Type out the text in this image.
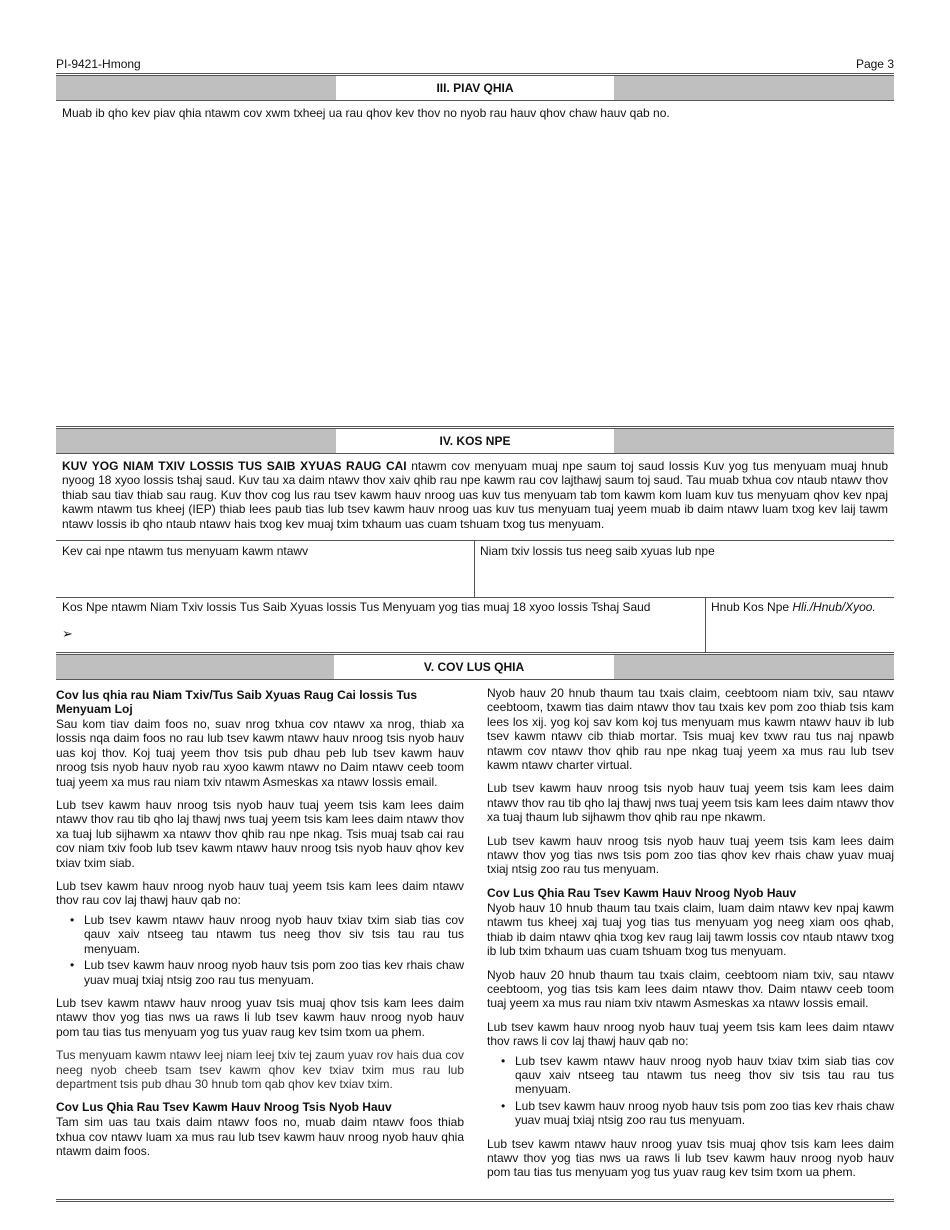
PI-9421-Hmong	Page 3
III. PIAV QHIA
Muab ib qho kev piav qhia ntawm cov xwm txheej ua rau qhov kev thov no nyob rau hauv qhov chaw hauv qab no.
IV. KOS NPE
KUV YOG NIAM TXIV LOSSIS TUS SAIB XYUAS RAUG CAI ntawm cov menyuam muaj npe saum toj saud lossis Kuv yog tus menyuam muaj hnub nyoog 18 xyoo lossis tshaj saud. Kuv tau xa daim ntawv thov xaiv qhib rau npe kawm rau cov lajthawj saum toj saud. Tau muab txhua cov ntaub ntawv thov thiab sau tiav thiab sau raug. Kuv thov cog lus rau tsev kawm hauv nroog uas kuv tus menyuam tab tom kawm kom luam kuv tus menyuam qhov kev npaj kawm ntawm tus kheej (IEP) thiab lees paub tias lub tsev kawm hauv nroog uas kuv tus menyuam tuaj yeem muab ib daim ntawv luam txog kev laij tawm ntawv lossis ib qho ntaub ntawv hais txog kev muaj txim txhaum uas cuam tshuam txog tus menyuam.
Kev cai npe ntawm tus menyuam kawm ntawv	Niam txiv lossis tus neeg saib xyuas lub npe
Kos Npe ntawm Niam Txiv lossis Tus Saib Xyuas lossis Tus Menyuam yog tias muaj 18 xyoo lossis Tshaj Saud
➢
Hnub Kos Npe Hli./Hnub/Xyoo.
V. COV LUS QHIA
Cov lus qhia rau Niam Txiv/Tus Saib Xyuas Raug Cai lossis Tus Menyuam Loj

Sau kom tiav daim foos no, suav nrog txhua cov ntawv xa nrog, thiab xa lossis nqa daim foos no rau lub tsev kawm ntawv hauv nroog tsis nyob hauv uas koj thov. Koj tuaj yeem thov tsis pub dhau peb lub tsev kawm hauv nroog tsis nyob hauv nyob rau xyoo kawm ntawv no Daim ntawv ceeb toom tuaj yeem xa mus rau niam txiv ntawm Asmeskas xa ntawv lossis email.

Lub tsev kawm hauv nroog tsis nyob hauv tuaj yeem tsis kam lees daim ntawv thov rau tib qho laj thawj nws tuaj yeem tsis kam lees daim ntawv thov xa tuaj lub sijhawm xa ntawv thov qhib rau npe nkag. Tsis muaj tsab cai rau cov niam txiv foob lub tsev kawm ntawv hauv nroog tsis nyob hauv qhov kev txiav txim siab.

Lub tsev kawm hauv nroog nyob hauv tuaj yeem tsis kam lees daim ntawv thov rau cov laj thawj hauv qab no:

• Lub tsev kawm ntawv hauv nroog nyob hauv txiav txim siab tias cov qauv xaiv ntseeg tau ntawm tus neeg thov siv tsis tau rau tus menyuam.
• Lub tsev kawm hauv nroog nyob hauv tsis pom zoo tias kev rhais chaw yuav muaj txiaj ntsig zoo rau tus menyuam.

Lub tsev kawm ntawv hauv nroog yuav tsis muaj qhov tsis kam lees daim ntawv thov yog tias nws ua raws li lub tsev kawm hauv nroog nyob hauv pom tau tias tus menyuam yog tus yuav raug kev tsim txom ua phem.

Tus menyuam kawm ntawv leej niam leej txiv tej zaum yuav rov hais dua cov neeg nyob cheeb tsam tsev kawm qhov kev txiav txim mus rau lub department tsis pub dhau 30 hnub tom qab qhov kev txiav txim.

Cov Lus Qhia Rau Tsev Kawm Hauv Nroog Tsis Nyob Hauv

Tam sim uas tau txais daim ntawv foos no, muab daim ntawv foos thiab txhua cov ntawv luam xa mus rau lub tsev kawm hauv nroog nyob hauv qhia ntawm daim foos.

Nyob hauv 20 hnub thaum tau txais claim, ceebtoom niam txiv, sau ntawv ceebtoom, txawm tias daim ntawv thov tau txais kev pom zoo thiab tsis kam lees los xij. yog koj sav kom koj tus menyuam mus kawm ntawv hauv ib lub tsev kawm ntawv cib thiab mortar. Tsis muaj kev txwv rau tus naj npawb ntawm cov ntawv thov qhib rau npe nkag tuaj yeem xa mus rau lub tsev kawm ntawv charter virtual.

Lub tsev kawm hauv nroog tsis nyob hauv tuaj yeem tsis kam lees daim ntawv thov rau tib qho laj thawj nws tuaj yeem tsis kam lees daim ntawv thov xa tuaj thaum lub sijhawm thov qhib rau npe nkawm.

Lub tsev kawm hauv nroog tsis nyob hauv tuaj yeem tsis kam lees daim ntawv thov yog tias nws tsis pom zoo tias qhov kev rhais chaw yuav muaj txiaj ntsig zoo rau tus menyuam.

Cov Lus Qhia Rau Tsev Kawm Hauv Nroog Nyob Hauv

Nyob hauv 10 hnub thaum tau txais claim, luam daim ntawv kev npaj kawm ntawm tus kheej xaj tuaj yog tias tus menyuam yog neeg xiam oos qhab, thiab ib daim ntawv qhia txog kev raug laij tawm lossis cov ntaub ntawv txog ib lub txim txhaum uas cuam tshuam txog tus menyuam.

Nyob hauv 20 hnub thaum tau txais claim, ceebtoom niam txiv, sau ntawv ceebtoom, yog tias tsis kam lees daim ntawv thov. Daim ntawv ceeb toom tuaj yeem xa mus rau niam txiv ntawm Asmeskas xa ntawv lossis email.

Lub tsev kawm hauv nroog nyob hauv tuaj yeem tsis kam lees daim ntawv thov raws li cov laj thawj hauv qab no:

• Lub tsev kawm ntawv hauv nroog nyob hauv txiav txim siab tias cov qauv xaiv ntseeg tau ntawm tus neeg thov siv tsis tau rau tus menyuam.
• Lub tsev kawm hauv nroog nyob hauv tsis pom zoo tias kev rhais chaw yuav muaj txiaj ntsig zoo rau tus menyuam.

Lub tsev kawm ntawv hauv nroog yuav tsis muaj qhov tsis kam lees daim ntawv thov yog tias nws ua raws li lub tsev kawm hauv nroog nyob hauv pom tau tias tus menyuam yog tus yuav raug kev tsim txom ua phem.
